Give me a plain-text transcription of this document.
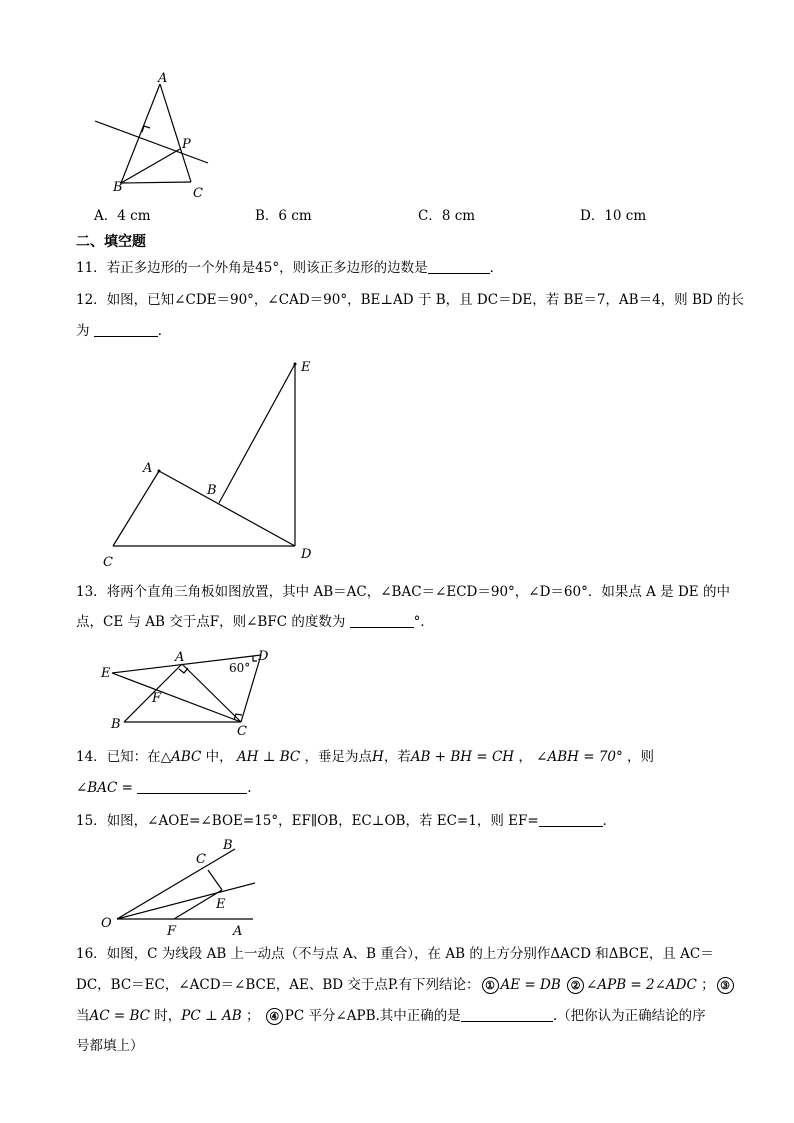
A
P
B	C
A．4 cm	B．6 cm	C．8 cm	D．10 cm
二、填空题
11．若正多边形的一个外角是45°，则该正多边形的边数是	．
12．如图，已知∠CDE＝90°，∠CAD＝90°，BE⊥AD 于 B，且 DC＝DE，若 BE＝7，AB＝4，则 BD 的长
为	．
A
B
C
D
E
13．将两个直角三角板如图放置，其中 AB＝AC，∠BAC＝∠ECD＝90°，∠D＝60°．如果点 A 是 DE 的中
点，CE 与 AB 交于点F，则∠BFC 的度数为	°．
A
E
D
60°
F
B	C
14．已知：在△ABC 中， AH ⊥ BC ，垂足为点H，若AB + BH = CH ， ∠ABH = 70° ，则
∠BAC =	.
15．如图，∠AOE=∠BOE=15°，EF∥OB，EC⊥OB，若 EC=1，则 EF=	．
O
B
C
E
F	A
16．如图，C 为线段 AB 上一动点（不与点 A、B 重合），在 AB 的上方分别作ΔACD 和ΔBCE，且 AC＝
DC，BC＝EC，∠ACD＝∠BCE，AE、BD 交于点P.有下列结论： ① AE = DB ② ∠APB = 2∠ADC ； ③
当AC = BC 时，PC ⊥ AB ； ④ PC 平分∠APB.其中正确的是	.（把你认为正确结论的序
号都填上）
